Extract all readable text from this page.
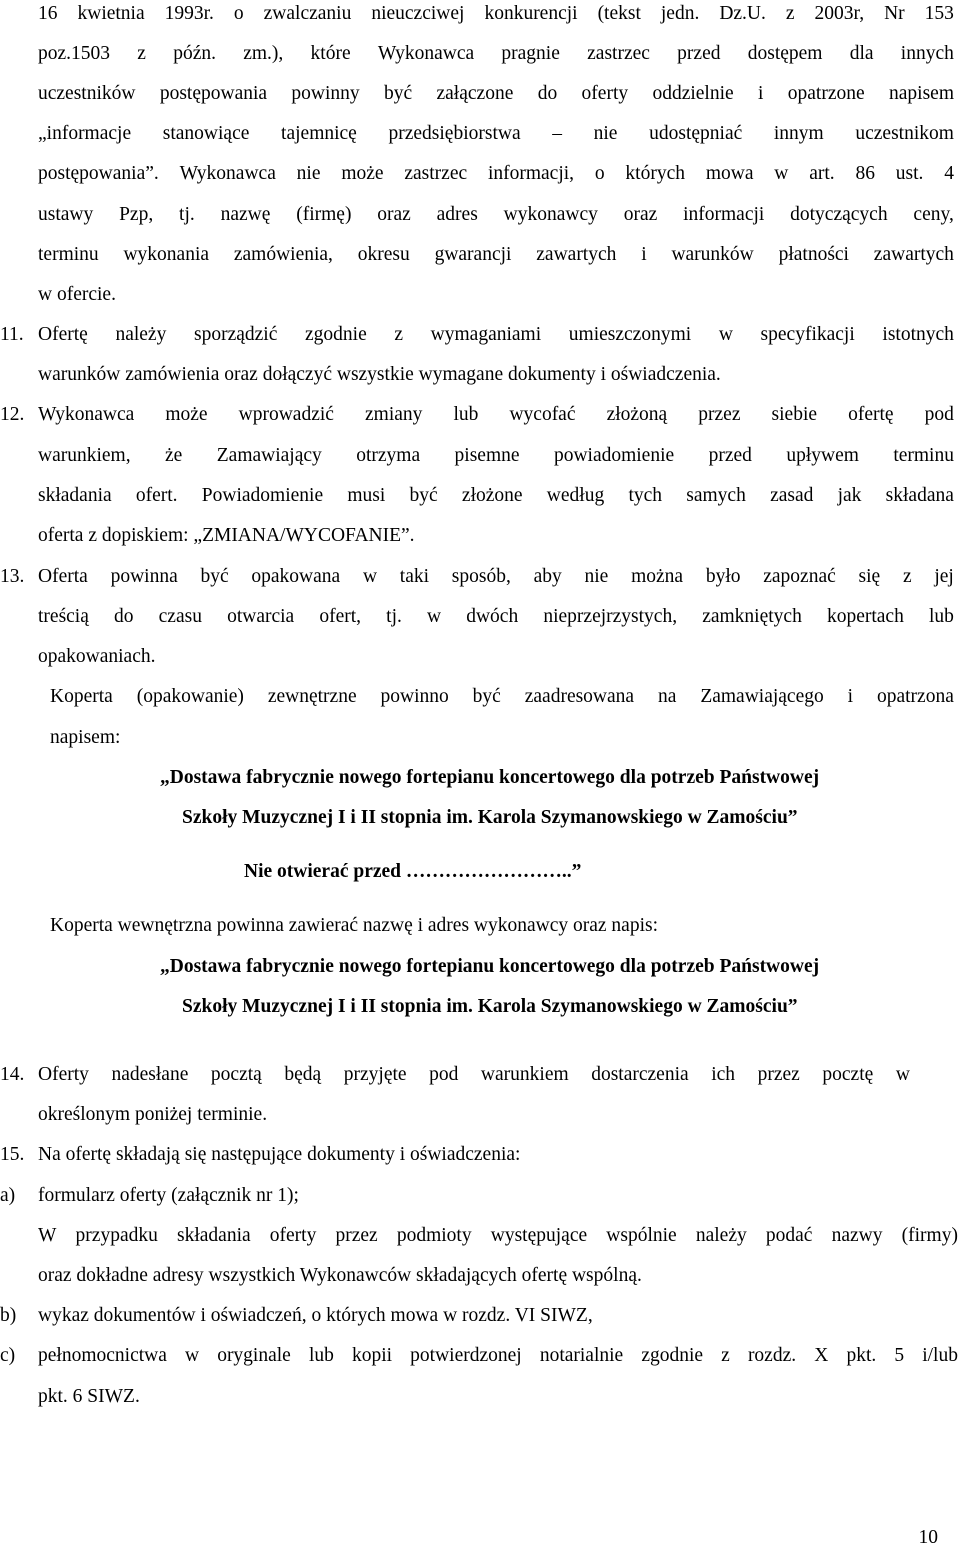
16 kwietnia 1993r. o zwalczaniu nieuczciwej konkurencji (tekst jedn. Dz.U. z 2003r, Nr 153
poz.1503 z późn. zm.), które Wykonawca pragnie zastrzec przed dostępem dla innych
uczestników postępowania powinny być załączone do oferty oddzielnie i opatrzone napisem
„informacje stanowiące tajemnicę przedsiębiorstwa – nie udostępniać innym uczestnikom
postępowania”. Wykonawca nie może zastrzec informacji, o których mowa w art. 86 ust. 4
ustawy Pzp, tj. nazwę (firmę) oraz adres wykonawcy oraz informacji dotyczących ceny,
terminu wykonania zamówienia, okresu gwarancji zawartych i warunków płatności zawartych
w ofercie.
11. Ofertę należy sporządzić zgodnie z wymaganiami umieszczonymi w specyfikacji istotnych
warunków zamówienia oraz dołączyć wszystkie wymagane dokumenty i oświadczenia.
12. Wykonawca może wprowadzić zmiany lub wycofać złożoną przez siebie ofertę pod
warunkiem, że Zamawiający otrzyma pisemne powiadomienie przed upływem terminu
składania ofert. Powiadomienie musi być złożone według tych samych zasad jak składana
oferta z dopiskiem: „ZMIANA/WYCOFANIE”.
13. Oferta powinna być opakowana w taki sposób, aby nie można było zapoznać się z jej
treścią do czasu otwarcia ofert, tj. w dwóch nieprzejrzystych, zamkniętych kopertach lub
opakowaniach.
Koperta (opakowanie) zewnętrzne powinno być zaadresowana na Zamawiającego i opatrzona
napisem:
„Dostawa fabrycznie nowego fortepianu koncertowego dla potrzeb Państwowej
Szkoły Muzycznej I i II stopnia im. Karola Szymanowskiego w Zamościu”
Nie otwierać przed ……………………..”
Koperta wewnętrzna powinna zawierać nazwę i adres wykonawcy oraz napis:
„Dostawa fabrycznie nowego fortepianu koncertowego dla potrzeb Państwowej
Szkoły Muzycznej I i II stopnia im. Karola Szymanowskiego w Zamościu”
14. Oferty nadesłane pocztą będą przyjęte pod warunkiem dostarczenia ich przez pocztę w
określonym poniżej terminie.
15. Na ofertę składają się następujące dokumenty i oświadczenia:
a) formularz oferty (załącznik nr 1);
W przypadku składania oferty przez podmioty występujące wspólnie należy podać nazwy (firmy)
oraz dokładne adresy wszystkich Wykonawców składających ofertę wspólną.
b) wykaz dokumentów i oświadczeń, o których mowa w rozdz. VI SIWZ,
c) pełnomocnictwa w oryginale lub kopii potwierdzonej notarialnie zgodnie z rozdz. X pkt. 5 i/lub
pkt. 6 SIWZ.
10
